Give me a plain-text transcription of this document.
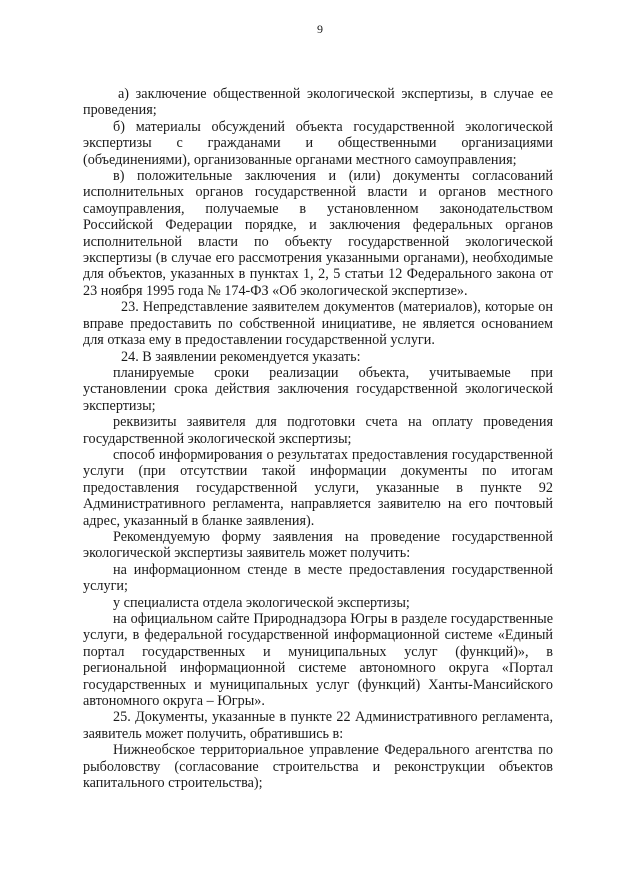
9

а) заключение общественной экологической экспертизы, в случае ее проведения;

б) материалы обсуждений объекта государственной экологической экспертизы с гражданами и общественными организациями (объединениями), организованные органами местного самоуправления;

в) положительные заключения и (или) документы согласований исполнительных органов государственной власти и органов местного самоуправления, получаемые в установленном законодательством Российской Федерации порядке, и заключения федеральных органов исполнительной власти по объекту государственной экологической экспертизы (в случае его рассмотрения указанными органами), необходимые для объектов, указанных в пунктах 1, 2, 5 статьи 12 Федерального закона от 23 ноября 1995 года № 174-ФЗ «Об экологической экспертизе».

23. Непредставление заявителем документов (материалов), которые он вправе предоставить по собственной инициативе, не является основанием для отказа ему в предоставлении государственной услуги.

24. В заявлении рекомендуется указать:

планируемые сроки реализации объекта, учитываемые при установлении срока действия заключения государственной экологической экспертизы;

реквизиты заявителя для подготовки счета на оплату проведения государственной экологической экспертизы;

способ информирования о результатах предоставления государственной услуги (при отсутствии такой информации документы по итогам предоставления государственной услуги, указанные в пункте 92 Административного регламента, направляется заявителю на его почтовый адрес, указанный в бланке заявления).

Рекомендуемую форму заявления на проведение государственной экологической экспертизы заявитель может получить:

на информационном стенде в месте предоставления государственной услуги;

у специалиста отдела экологической экспертизы;

на официальном сайте Природнадзора Югры в разделе государственные услуги, в федеральной государственной информационной системе «Единый портал государственных и муниципальных услуг (функций)», в региональной информационной системе автономного округа «Портал государственных и муниципальных услуг (функций) Ханты-Мансийского автономного округа – Югры».

25. Документы, указанные в пункте 22 Административного регламента, заявитель может получить, обратившись в:

Нижнеобское территориальное управление Федерального агентства по рыболовству (согласование строительства и реконструкции объектов капитального строительства);
